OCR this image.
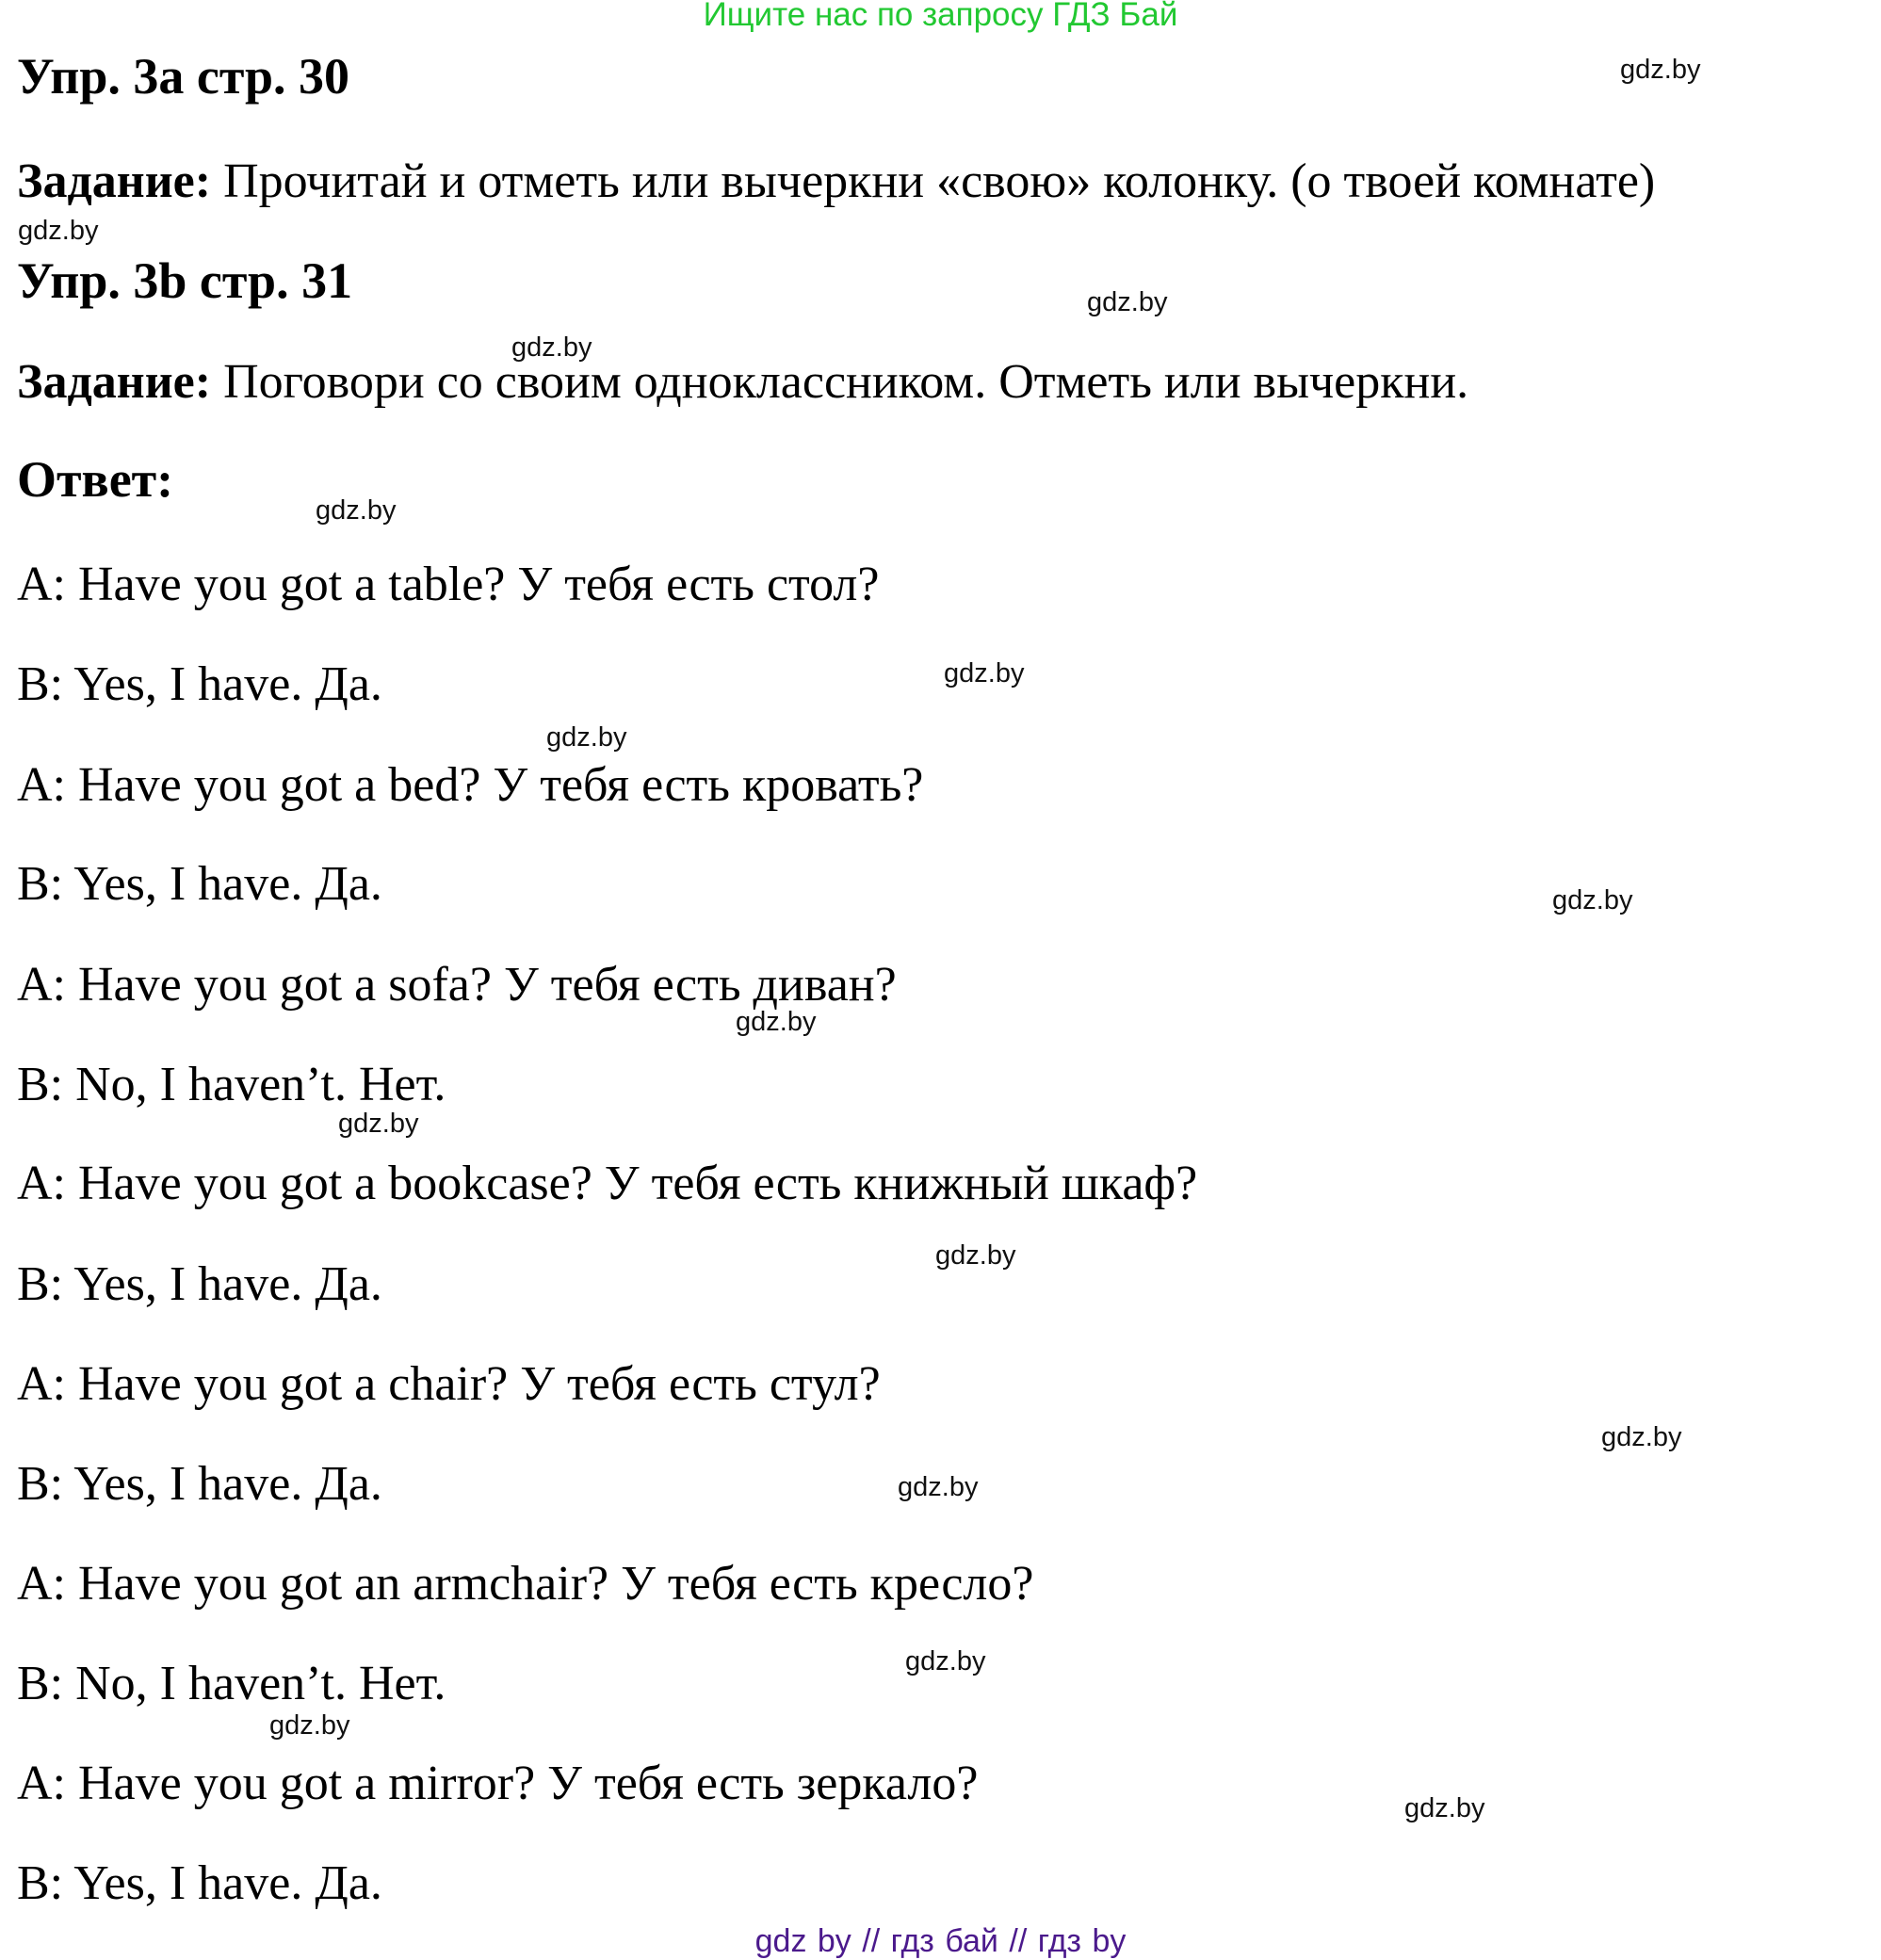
Ищите нас по запросу ГДЗ Бай
Упр. 3а стр. 30
Задание: Прочитай и отметь или вычеркни «свою» колонку. (о твоей комнате)
Упр. 3b стр. 31
Задание: Поговори со своим одноклассником. Отметь или вычеркни.
Ответ:
A: Have you got a table? У тебя есть стол?
B: Yes, I have. Да.
A: Have you got a bed? У тебя есть кровать?
B: Yes, I have. Да.
A: Have you got a sofa? У тебя есть диван?
B: No, I haven’t. Нет.
A: Have you got a bookcase? У тебя есть книжный шкаф?
B: Yes, I have. Да.
A: Have you got a chair? У тебя есть стул?
B: Yes, I have. Да.
A: Have you got an armchair? У тебя есть кресло?
B: No, I haven’t. Нет.
A: Have you got a mirror? У тебя есть зеркало?
B: Yes, I have. Да.
gdz.by
gdz.by
gdz.by
gdz.by
gdz.by
gdz.by
gdz.by
gdz.by
gdz.by
gdz.by
gdz.by
gdz.by
gdz.by
gdz.by
gdz.by
gdz.by
gdz by // гдз бай // гдз by
